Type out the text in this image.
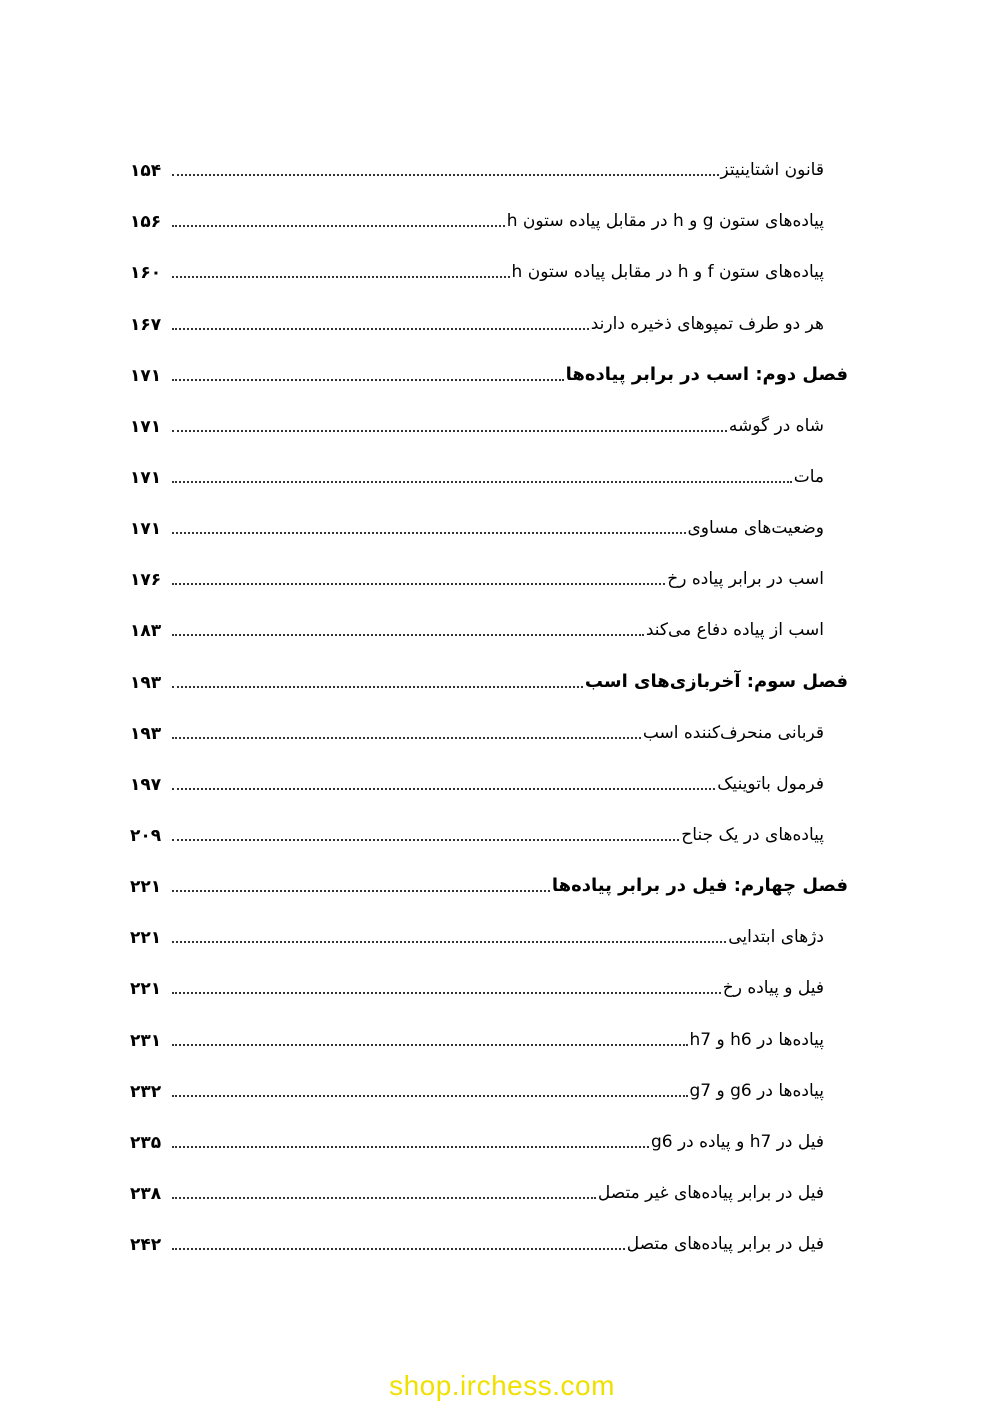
۱۵۴	قانون اشتاینیتز
۱۵۶	پیاده‌های ستون g و h در مقابل پیاده ستون h
۱۶۰	پیاده‌های ستون f و h در مقابل پیاده ستون h
۱۶۷	هر دو طرف تمپوهای ذخیره دارند
۱۷۱	فصل دوم: اسب در برابر پیاده‌ها
۱۷۱	شاه در گوشه
۱۷۱	مات
۱۷۱	وضعیت‌های مساوی
۱۷۶	اسب در برابر پیاده رخ
۱۸۳	اسب از پیاده دفاع می‌کند
۱۹۳	فصل سوم: آخربازی‌های اسب
۱۹۳	قربانی منحرف‌کننده اسب
۱۹۷	فرمول باتوینیک
۲۰۹	پیاده‌های در یک جناح
۲۲۱	فصل چهارم: فیل در برابر پیاده‌ها
۲۲۱	دژهای ابتدایی
۲۲۱	فیل و پیاده رخ
۲۳۱	پیاده‌ها در h6 و h7
۲۳۲	پیاده‌ها در g6 و g7
۲۳۵	فیل در h7 و پیاده در g6
۲۳۸	فیل در برابر پیاده‌های غیر متصل
۲۴۲	فیل در برابر پیاده‌های متصل
shop.irchess.com
